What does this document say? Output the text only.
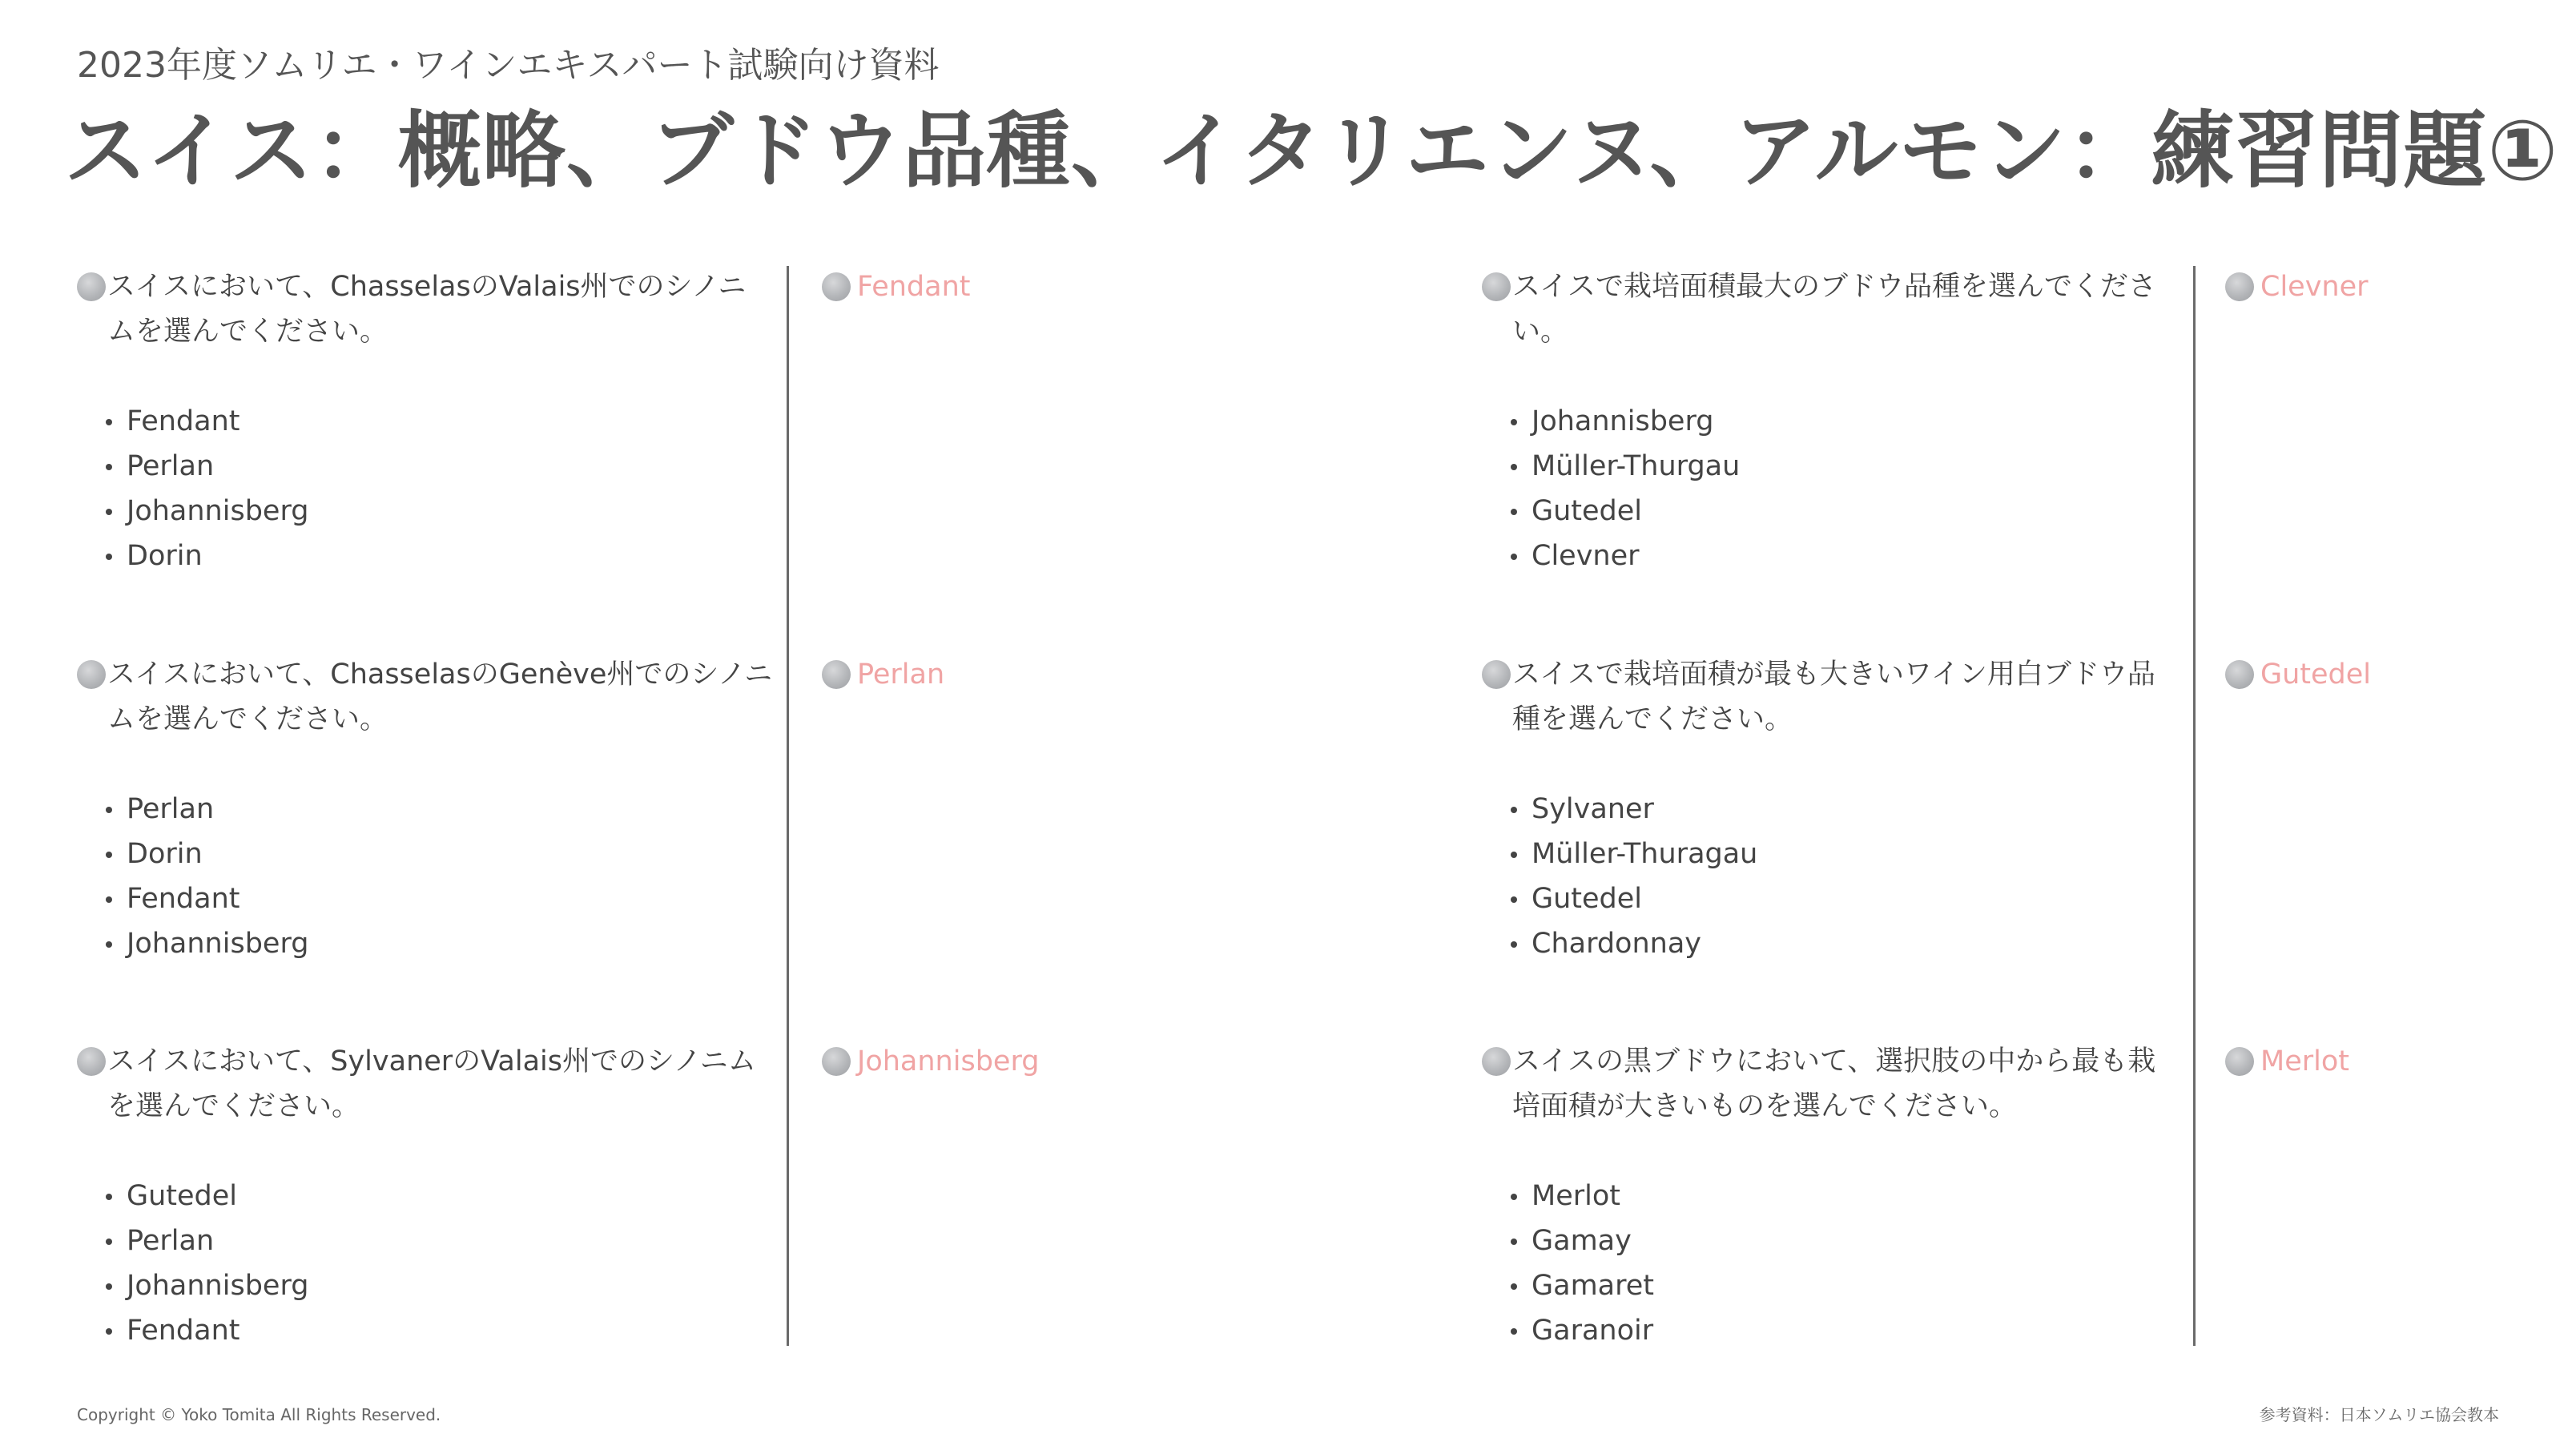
2023年度ソムリエ・ワインエキスパート試験向け資料
スイス：概略、ブドウ品種、イタリエンヌ、アルモン：練習問題①
スイスにおいて、ChasselasのValais州でのシノニムを選んでください。
Fendant
Perlan
Johannisberg
Dorin
スイスにおいて、ChasselasのGenève州でのシノニムを選んでください。
Perlan
Dorin
Fendant
Johannisberg
スイスにおいて、SylvanerのValais州でのシノニムを選んでください。
Gutedel
Perlan
Johannisberg
Fendant
Fendant
Perlan
Johannisberg
スイスで栽培面積最大のブドウ品種を選んでください。
Johannisberg
Müller-Thurgau
Gutedel
Clevner
スイスで栽培面積が最も大きいワイン用白ブドウ品種を選んでください。
Sylvaner
Müller-Thuragau
Gutedel
Chardonnay
スイスの黒ブドウにおいて、選択肢の中から最も栽培面積が大きいものを選んでください。
Merlot
Gamay
Gamaret
Garanoir
Clevner
Gutedel
Merlot
Copyright © Yoko Tomita All Rights Reserved.	参考資料：日本ソムリエ協会教本
